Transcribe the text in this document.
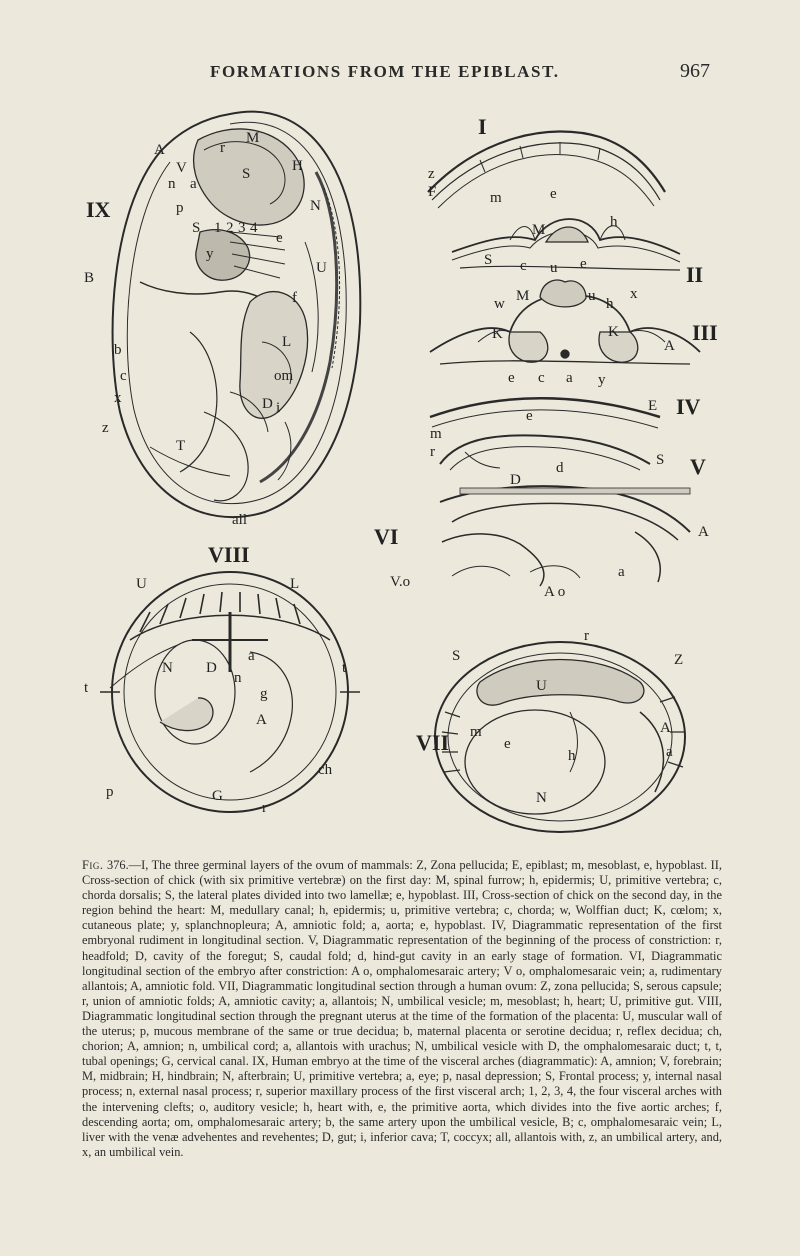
FORMATIONS FROM THE EPIBLAST.	967
IX
I
II
III
IV
V
VI
VIII
VII
A
V
M
r
H
n a
S
p	N
S 1 2 3 4
e
U
B
y
f
b	L
c
x
om
z
D i
T
all
z
F	m	e
M	h
S c u e
w M	u h
x
K	K
A
e c a y
E
e
m
r	S
d
D
A
V.o
a
A o
U	L
t
a
N D
n
g
t
A
ch
p	G
r
r
S	Z
U
m
e
h
A
N
a
Fig. 376.—I, The three germinal layers of the ovum of mammals: Z, Zona pellucida; E, epiblast; m, mesoblast, e, hypoblast. II, Cross-section of chick (with six primitive vertebræ) on the first day: M, spinal furrow; h, epidermis; U, primitive vertebra; c, chorda dorsalis; S, the lateral plates divided into two lamellæ; e, hypoblast. III, Cross-section of chick on the second day, in the region behind the heart: M, medullary canal; h, epidermis; u, primitive vertebra; c, chorda; w, Wolffian duct; K, cœlom; x, cutaneous plate; y, splanchnopleura; A, amniotic fold; a, aorta; e, hypoblast. IV, Diagrammatic representation of the first embryonal rudiment in longitudinal section. V, Diagrammatic representation of the beginning of the process of constriction: r, headfold; D, cavity of the foregut; S, caudal fold; d, hind-gut cavity in an early stage of formation. VI, Diagrammatic longitudinal section of the embryo after constriction: A o, omphalomesaraic artery; V o, omphalomesaraic vein; a, rudimentary allantois; A, amniotic fold. VII, Diagrammatic longitudinal section through a human ovum: Z, zona pellucida; S, serous capsule; r, union of amniotic folds; A, amniotic cavity; a, allantois; N, umbilical vesicle; m, mesoblast; h, heart; U, primitive gut. VIII, Diagrammatic longitudinal section through the pregnant uterus at the time of the formation of the placenta: U, muscular wall of the uterus; p, mucous membrane of the same or true decidua; b, maternal placenta or serotine decidua; r, reflex decidua; ch, chorion; A, amnion; n, umbilical cord; a, allantois with urachus; N, umbilical vesicle with D, the omphalomesaraic duct; t, t, tubal openings; G, cervical canal. IX, Human embryo at the time of the visceral arches (diagrammatic): A, amnion; V, forebrain; M, midbrain; H, hindbrain; N, afterbrain; U, primitive vertebra; a, eye; p, nasal depression; S, Frontal process; y, internal nasal process; n, external nasal process; r, superior maxillary process of the first visceral arch; 1, 2, 3, 4, the four visceral arches with the intervening clefts; o, auditory vesicle; h, heart with, e, the primitive aorta, which divides into the five aortic arches; f, descending aorta; om, omphalomesaraic artery; b, the same artery upon the umbilical vesicle, B; c, omphalomesaraic vein; L, liver with the venæ advehentes and revehentes; D, gut; i, inferior cava; T, coccyx; all, allantois with, z, an umbilical artery, and, x, an umbilical vein.
